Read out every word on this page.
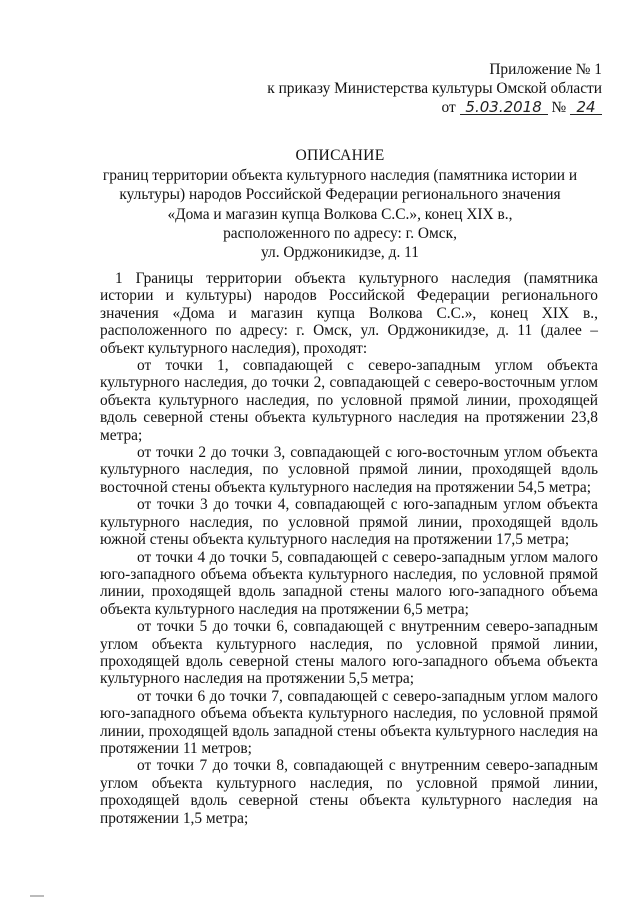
Приложение № 1
к приказу Министерства культуры Омской области
от 5.03.2018 № 24
ОПИСАНИЕ
границ территории объекта культурного наследия (памятника истории и
культуры) народов Российской Федерации регионального значения
«Дома и магазин купца Волкова С.С.», конец XIX в.,
расположенного по адресу: г. Омск,
ул. Орджоникидзе, д. 11

1 Границы территории объекта культурного наследия (памятника истории и культуры) народов Российской Федерации регионального значения «Дома и магазин купца Волкова С.С.», конец XIX в., расположенного по адресу: г. Омск, ул. Орджоникидзе, д. 11 (далее – объект культурного наследия), проходят:

от точки 1, совпадающей с северо-западным углом объекта культурного наследия, до точки 2, совпадающей с северо-восточным углом объекта культурного наследия, по условной прямой линии, проходящей вдоль северной стены объекта культурного наследия на протяжении 23,8 метра;

от точки 2 до точки 3, совпадающей с юго-восточным углом объекта культурного наследия, по условной прямой линии, проходящей вдоль восточной стены объекта культурного наследия на протяжении 54,5 метра;

от точки 3 до точки 4, совпадающей с юго-западным углом объекта культурного наследия, по условной прямой линии, проходящей вдоль южной стены объекта культурного наследия на протяжении 17,5 метра;

от точки 4 до точки 5, совпадающей с северо-западным углом малого юго-западного объема объекта культурного наследия, по условной прямой линии, проходящей вдоль западной стены малого юго-западного объема объекта культурного наследия на протяжении 6,5 метра;

от точки 5 до точки 6, совпадающей с внутренним северо-западным углом объекта культурного наследия, по условной прямой линии, проходящей вдоль северной стены малого юго-западного объема объекта культурного наследия на протяжении 5,5 метра;

от точки 6 до точки 7, совпадающей с северо-западным углом малого юго-западного объема объекта культурного наследия, по условной прямой линии, проходящей вдоль западной стены объекта культурного наследия на протяжении 11 метров;

от точки 7 до точки 8, совпадающей с внутренним северо-западным углом объекта культурного наследия, по условной прямой линии, проходящей вдоль северной стены объекта культурного наследия на протяжении 1,5 метра;
